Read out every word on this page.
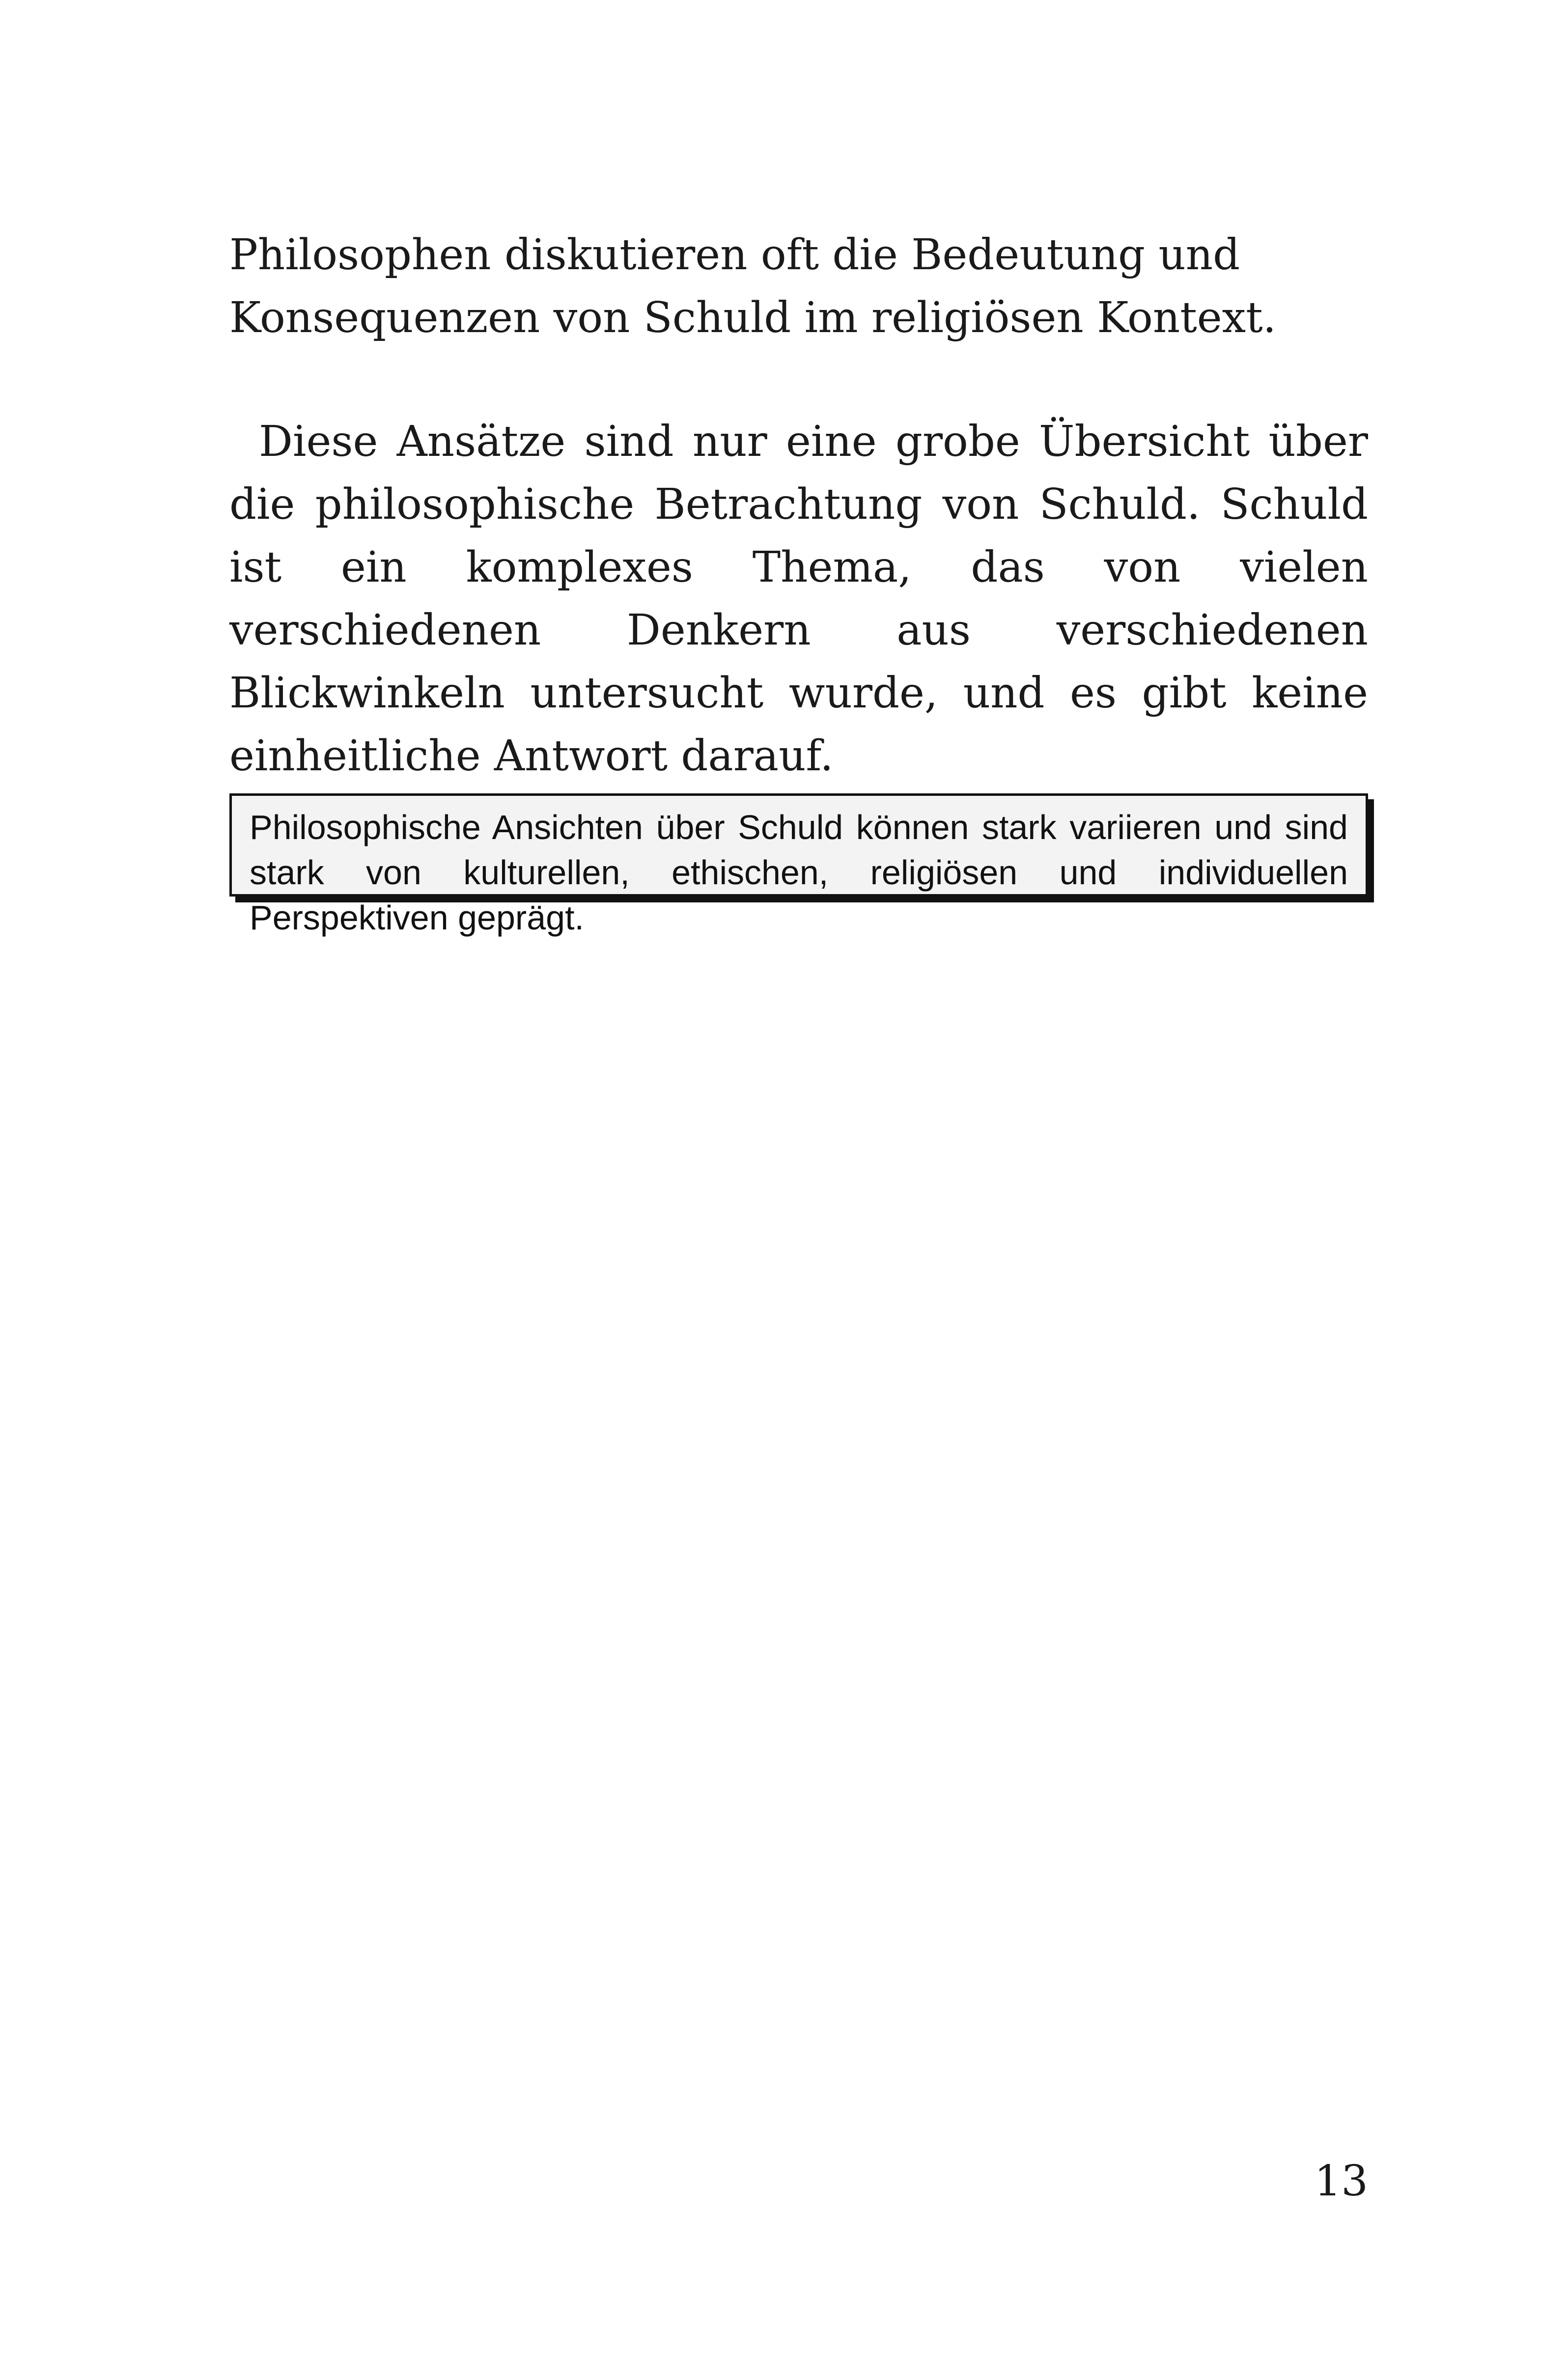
Philosophen diskutieren oft die Bedeutung und Konsequenzen von Schuld im religiösen Kontext.

Diese Ansätze sind nur eine grobe Übersicht über die philosophische Betrachtung von Schuld. Schuld ist ein komplexes Thema, das von vielen verschiedenen Denkern aus verschiedenen Blickwinkeln untersucht wurde, und es gibt keine einheitliche Antwort darauf.

Philosophische Ansichten über Schuld können stark variieren und sind stark von kulturellen, ethischen, religiösen und individuellen Perspektiven geprägt.
13
